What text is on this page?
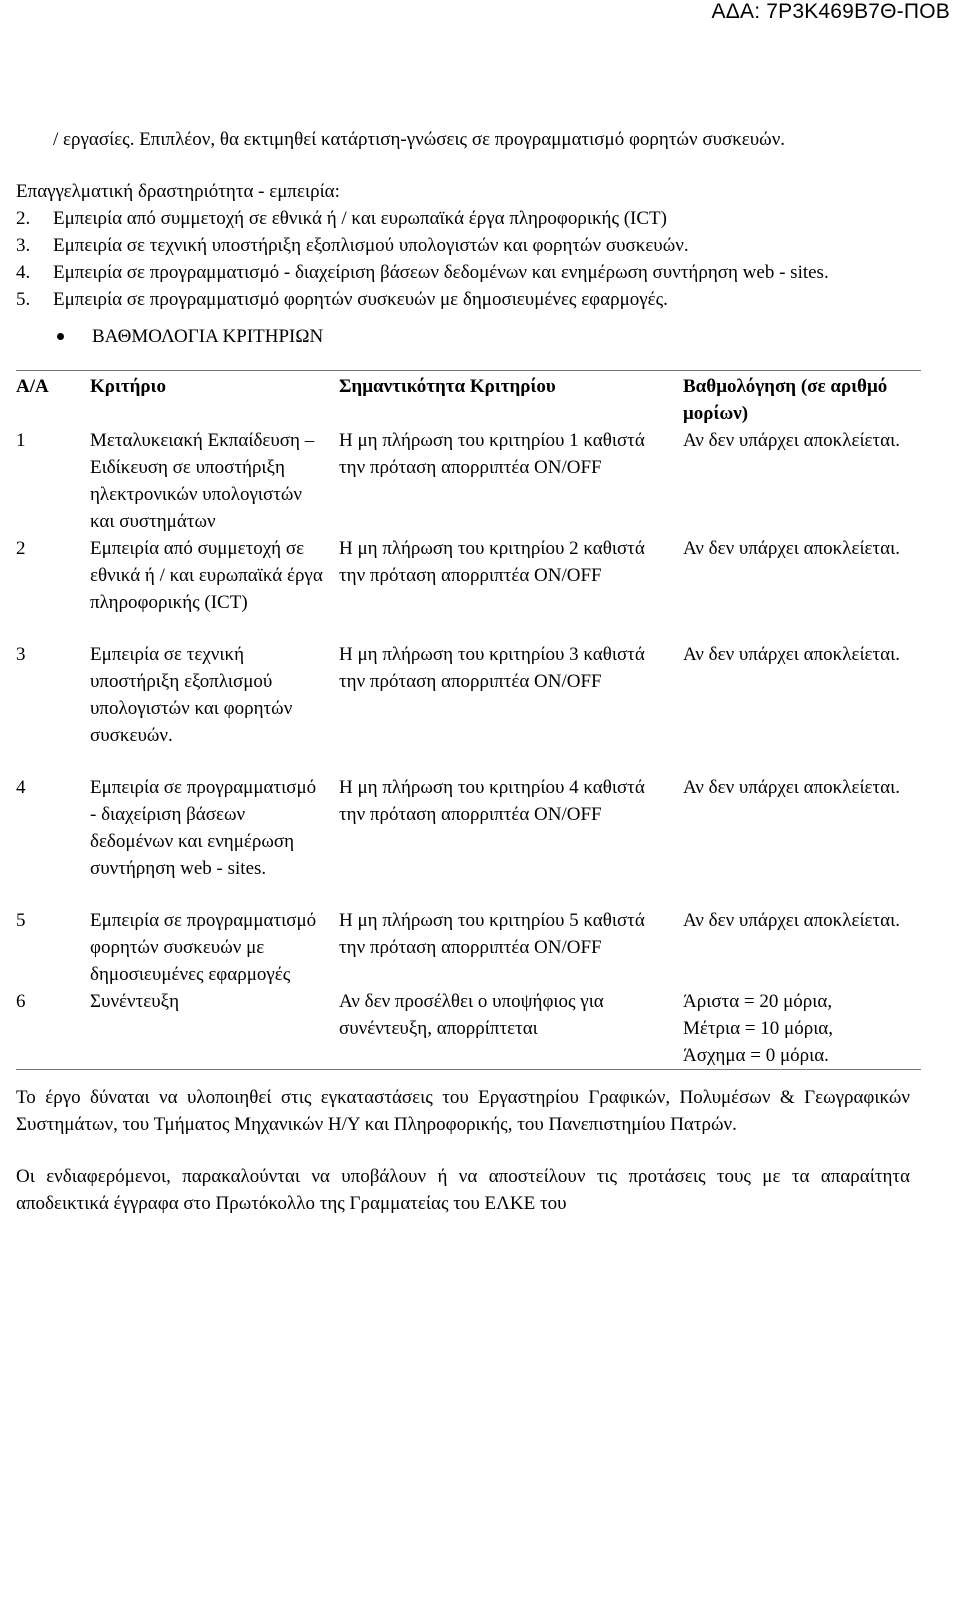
ΑΔΑ: 7Ρ3Κ469Β7Θ-ΠΟΒ

/ εργασίες. Επιπλέον, θα εκτιμηθεί κατάρτιση-γνώσεις σε προγραμματισμό φορητών συσκευών.

Επαγγελματική δραστηριότητα - εμπειρία:

2. Εμπειρία από συμμετοχή σε εθνικά ή / και ευρωπαϊκά έργα πληροφορικής (ICT)
3. Εμπειρία σε τεχνική υποστήριξη εξοπλισμού υπολογιστών και φορητών συσκευών.
4. Εμπειρία σε προγραμματισμό - διαχείριση βάσεων δεδομένων και ενημέρωση συντήρηση web - sites.
5. Εμπειρία σε προγραμματισμό φορητών συσκευών με δημοσιευμένες εφαρμογές.
ΒΑΘΜΟΛΟΓΙΑ ΚΡΙΤΗΡΙΩΝ
Α/Α	Κριτήριο	Σημαντικότητα Κριτηρίου	Βαθμολόγηση (σε αριθμό μορίων)
1	Μεταλυκειακή Εκπαίδευση – Ειδίκευση σε υποστήριξη ηλεκτρονικών υπολογιστών και συστημάτων	Η μη πλήρωση του κριτηρίου 1 καθιστά την πρόταση απορριπτέα ON/OFF	Αν δεν υπάρχει αποκλείεται.
2	Εμπειρία από συμμετοχή σε εθνικά ή / και ευρωπαϊκά έργα πληροφορικής (ICT)	Η μη πλήρωση του κριτηρίου 2 καθιστά την πρόταση απορριπτέα ON/OFF	Αν δεν υπάρχει αποκλείεται.
3	Εμπειρία σε τεχνική υποστήριξη εξοπλισμού υπολογιστών και φορητών συσκευών.	Η μη πλήρωση του κριτηρίου 3 καθιστά την πρόταση απορριπτέα ON/OFF	Αν δεν υπάρχει αποκλείεται.
4	Εμπειρία σε προγραμματισμό - διαχείριση βάσεων δεδομένων και ενημέρωση συντήρηση web - sites.	Η μη πλήρωση του κριτηρίου 4 καθιστά την πρόταση απορριπτέα ON/OFF	Αν δεν υπάρχει αποκλείεται.
5	Εμπειρία σε προγραμματισμό φορητών συσκευών με δημοσιευμένες εφαρμογές	Η μη πλήρωση του κριτηρίου 5 καθιστά την πρόταση απορριπτέα ON/OFF	Αν δεν υπάρχει αποκλείεται.
6	Συνέντευξη	Αν δεν προσέλθει ο υποψήφιος για συνέντευξη, απορρίπτεται	Άριστα = 20 μόρια,
Μέτρια = 10 μόρια,
Άσχημα = 0 μόρια.

Το έργο δύναται να υλοποιηθεί στις εγκαταστάσεις του Εργαστηρίου Γραφικών, Πολυμέσων & Γεωγραφικών Συστημάτων, του Τμήματος Μηχανικών Η/Υ και Πληροφορικής, του Πανεπιστημίου Πατρών.

Οι ενδιαφερόμενοι, παρακαλούνται να υποβάλουν ή να αποστείλουν τις προτάσεις τους με τα απαραίτητα αποδεικτικά έγγραφα στο Πρωτόκολλο της Γραμματείας του ΕΛΚΕ του
